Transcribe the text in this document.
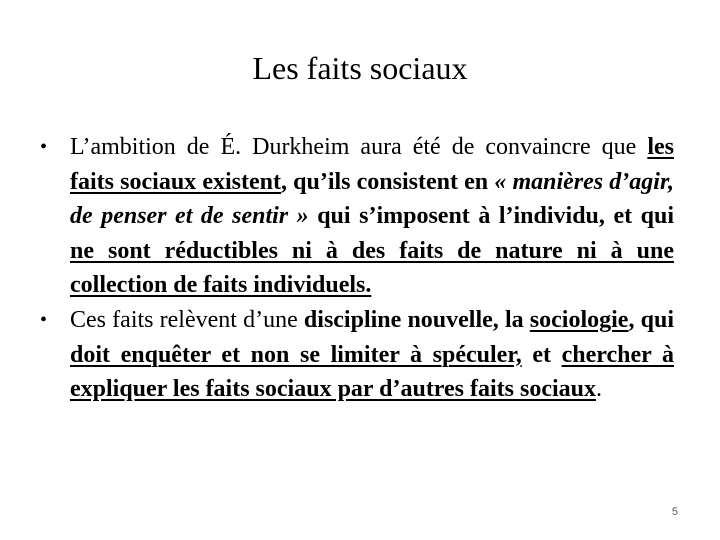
Les faits sociaux
• L’ambition de É. Durkheim aura été de convaincre que les faits sociaux existent, qu’ils consistent en « manières d’agir, de penser et de sentir » qui s’imposent à l’individu, et qui ne sont réductibles ni à des faits de nature ni à une collection de faits individuels.
• Ces faits relèvent d’une discipline nouvelle, la sociologie, qui doit enquêter et non se limiter à spéculer, et chercher à expliquer les faits sociaux par d’autres faits sociaux.
5
